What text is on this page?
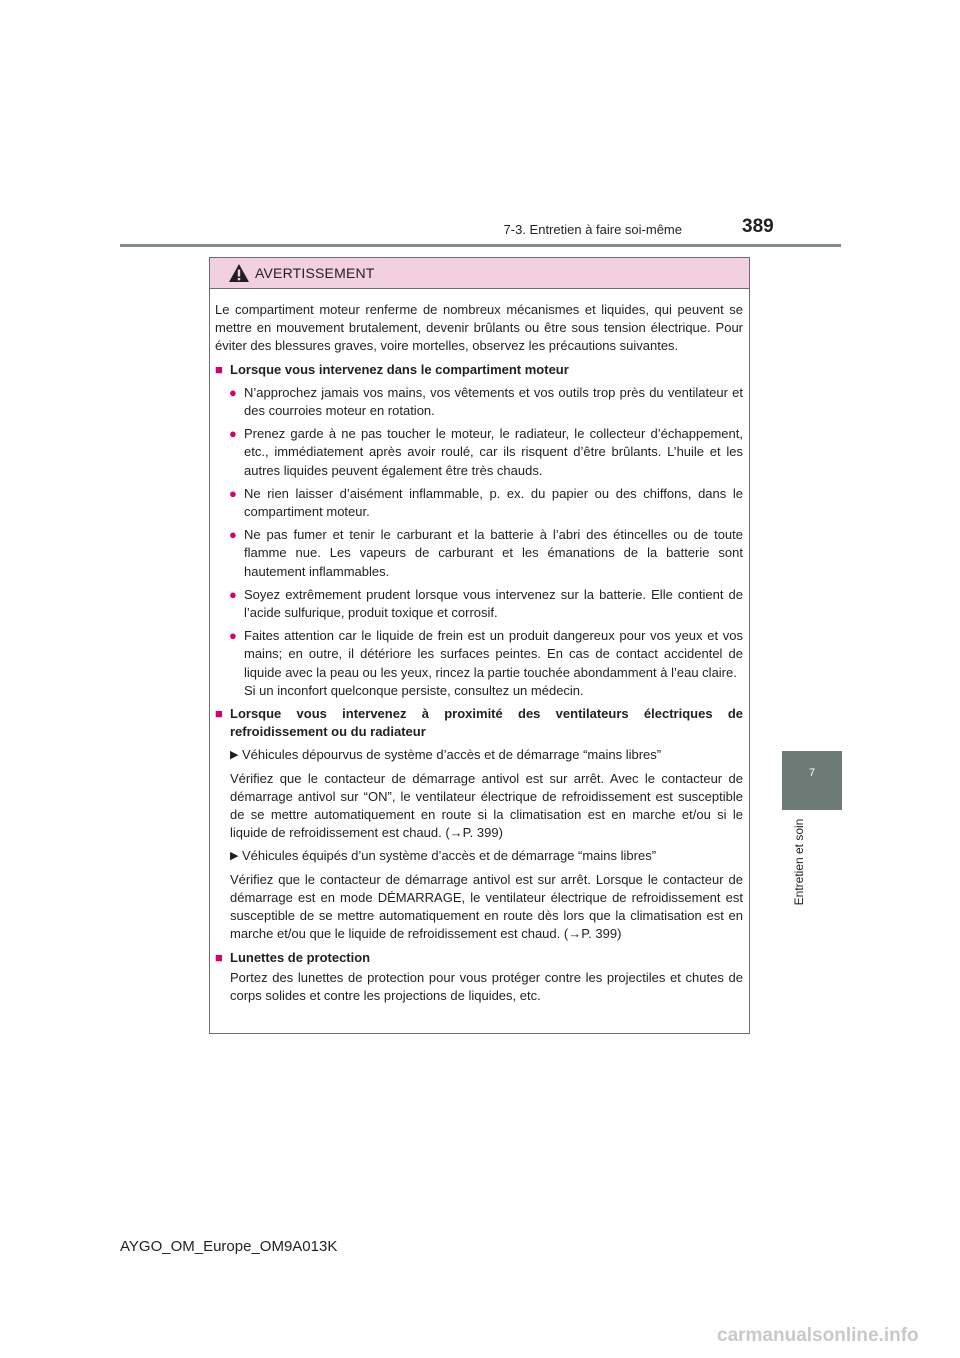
7-3. Entretien à faire soi-même	389
7
Entretien et soin
AVERTISSEMENT

Le compartiment moteur renferme de nombreux mécanismes et liquides, qui peuvent se mettre en mouvement brutalement, devenir brûlants ou être sous tension électrique. Pour éviter des blessures graves, voire mortelles, observez les précautions suivantes.

■ Lorsque vous intervenez dans le compartiment moteur
● N’approchez jamais vos mains, vos vêtements et vos outils trop près du ventilateur et des courroies moteur en rotation.
● Prenez garde à ne pas toucher le moteur, le radiateur, le collecteur d’échappement, etc., immédiatement après avoir roulé, car ils risquent d’être brûlants. L’huile et les autres liquides peuvent également être très chauds.
● Ne rien laisser d’aisément inflammable, p. ex. du papier ou des chiffons, dans le compartiment moteur.
● Ne pas fumer et tenir le carburant et la batterie à l’abri des étincelles ou de toute flamme nue. Les vapeurs de carburant et les émanations de la batterie sont hautement inflammables.
● Soyez extrêmement prudent lorsque vous intervenez sur la batterie. Elle contient de l’acide sulfurique, produit toxique et corrosif.
● Faites attention car le liquide de frein est un produit dangereux pour vos yeux et vos mains; en outre, il détériore les surfaces peintes. En cas de contact accidentel de liquide avec la peau ou les yeux, rincez la partie touchée abondamment à l’eau claire.
Si un inconfort quelconque persiste, consultez un médecin.
■ Lorsque vous intervenez à proximité des ventilateurs électriques de refroidissement ou du radiateur
▶ Véhicules dépourvus de système d’accès et de démarrage “mains libres”
Vérifiez que le contacteur de démarrage antivol est sur arrêt. Avec le contacteur de démarrage antivol sur “ON”, le ventilateur électrique de refroidissement est susceptible de se mettre automatiquement en route si la climatisation est en marche et/ou si le liquide de refroidissement est chaud. (→P. 399)
▶ Véhicules équipés d’un système d’accès et de démarrage “mains libres”
Vérifiez que le contacteur de démarrage antivol est sur arrêt. Lorsque le contacteur de démarrage est en mode DÉMARRAGE, le ventilateur électrique de refroidissement est susceptible de se mettre automatiquement en route dès lors que la climatisation est en marche et/ou que le liquide de refroidissement est chaud. (→P. 399)
■ Lunettes de protection
Portez des lunettes de protection pour vous protéger contre les projectiles et chutes de corps solides et contre les projections de liquides, etc.
AYGO_OM_Europe_OM9A013K
carmanualsonline.info
